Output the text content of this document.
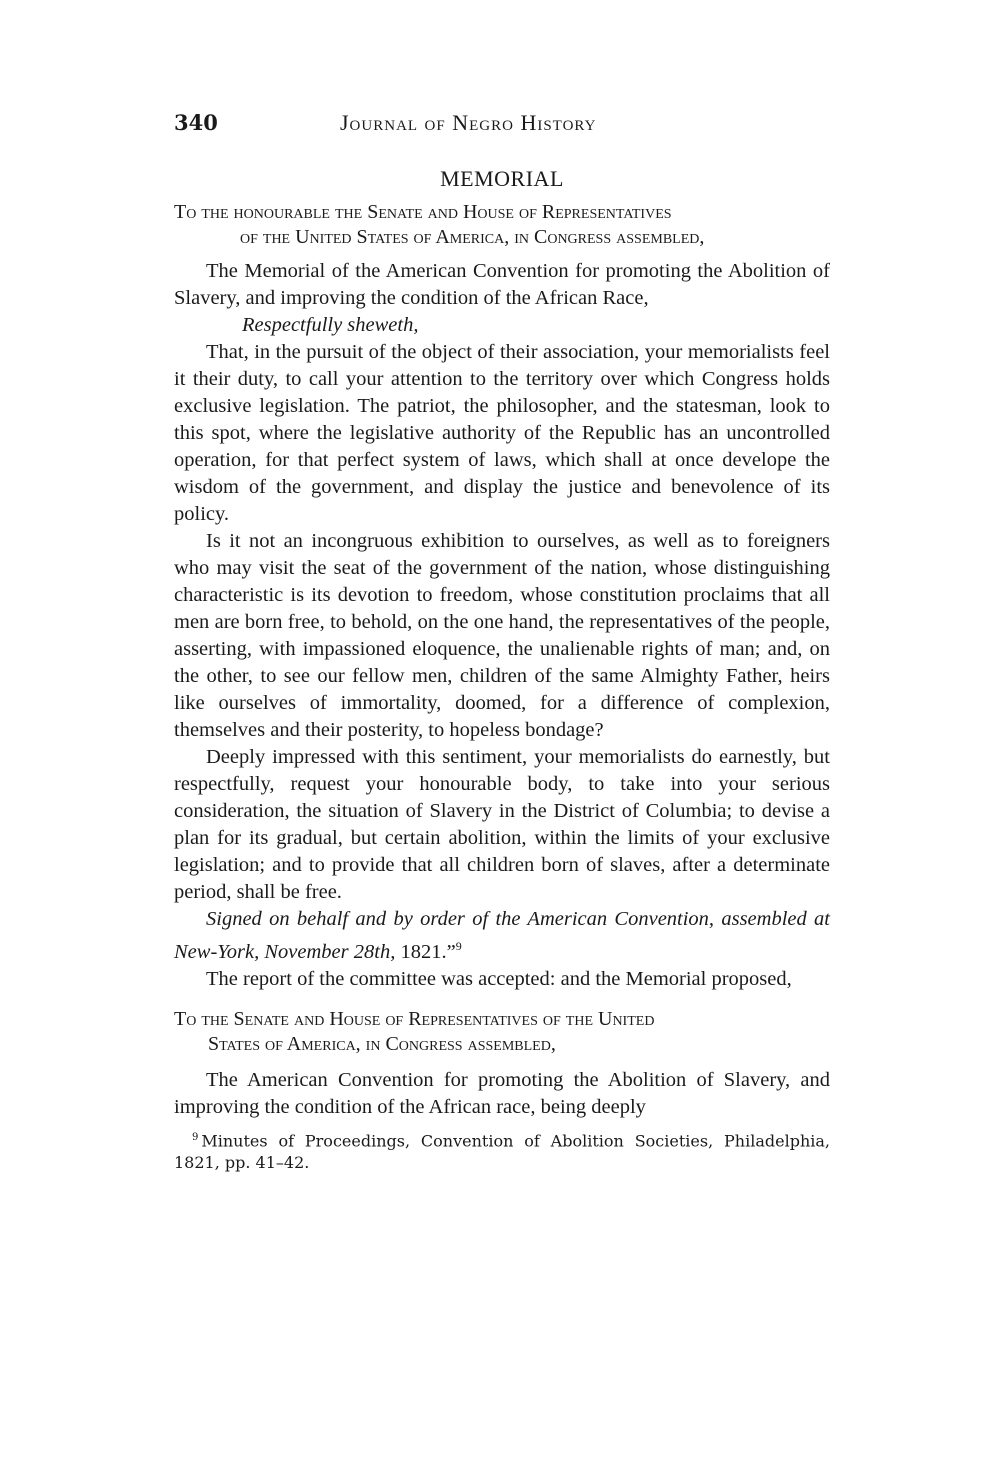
340	Journal of Negro History
MEMORIAL
To the honourable the Senate and House of Representatives
of the United States of America, in Congress assembled,

The Memorial of the American Convention for promoting the Abolition of Slavery, and improving the condition of the African Race,

Respectfully sheweth,

That, in the pursuit of the object of their association, your memorialists feel it their duty, to call your attention to the territory over which Congress holds exclusive legislation. The patriot, the philosopher, and the statesman, look to this spot, where the legislative authority of the Republic has an uncontrolled operation, for that perfect system of laws, which shall at once develope the wisdom of the government, and display the justice and benevolence of its policy.

Is it not an incongruous exhibition to ourselves, as well as to foreigners who may visit the seat of the government of the nation, whose distinguishing characteristic is its devotion to freedom, whose constitution proclaims that all men are born free, to behold, on the one hand, the representatives of the people, asserting, with impassioned eloquence, the unalienable rights of man; and, on the other, to see our fellow men, children of the same Almighty Father, heirs like ourselves of immortality, doomed, for a difference of complexion, themselves and their posterity, to hopeless bondage?

Deeply impressed with this sentiment, your memorialists do earnestly, but respectfully, request your honourable body, to take into your serious consideration, the situation of Slavery in the District of Columbia; to devise a plan for its gradual, but certain abolition, within the limits of your exclusive legislation; and to provide that all children born of slaves, after a determinate period, shall be free.

Signed on behalf and by order of the American Convention, assembled at New-York, November 28th, 1821.”$^9$

The report of the committee was accepted: and the Memorial proposed,

To the Senate and House of Representatives of the United
States of America, in Congress assembled,

The American Convention for promoting the Abolition of Slavery, and improving the condition of the African race, being deeply

$^9$ Minutes of Proceedings, Convention of Abolition Societies, Philadelphia, 1821, pp. 41–42.
